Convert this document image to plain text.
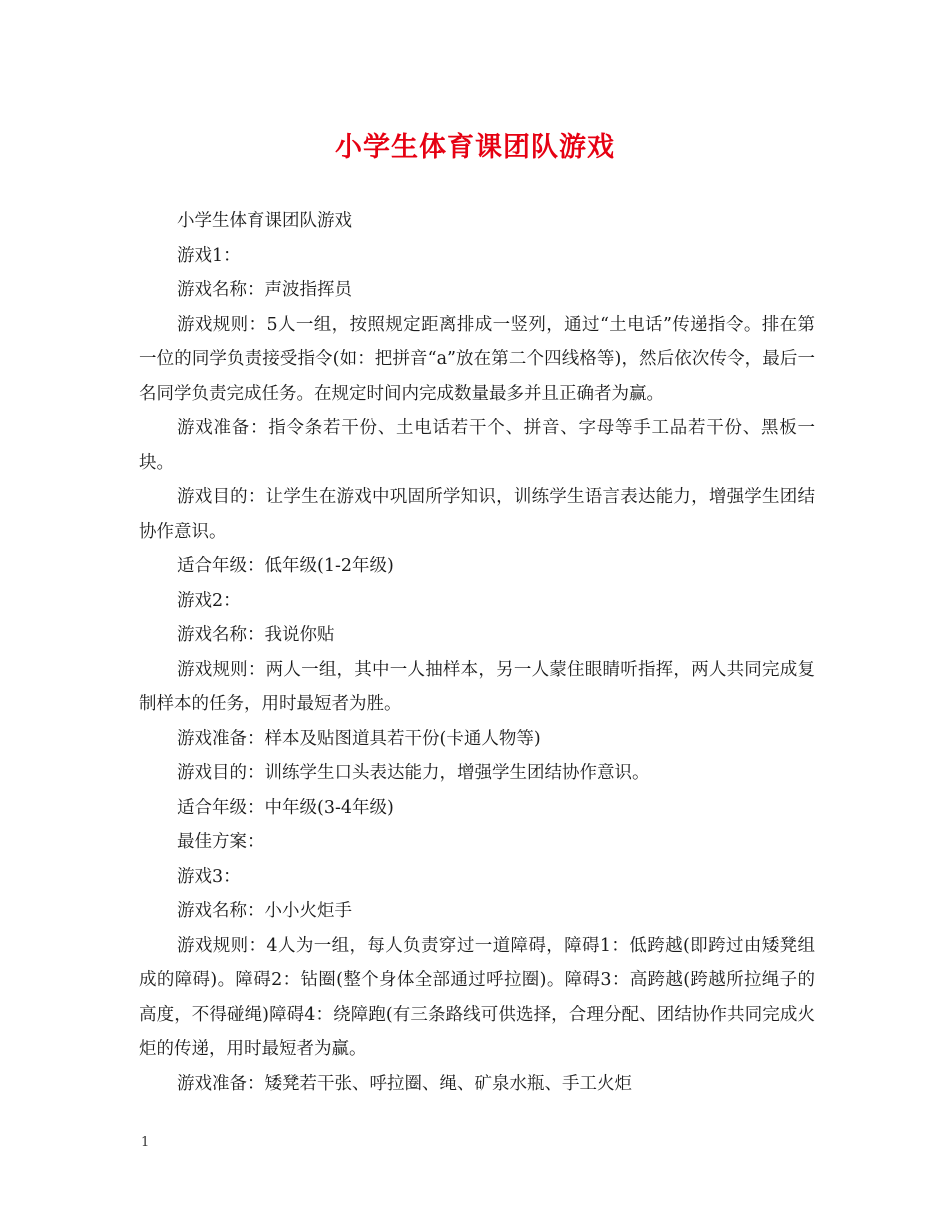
小学生体育课团队游戏

小学生体育课团队游戏

游戏1：

游戏名称：声波指挥员

游戏规则：5人一组，按照规定距离排成一竖列，通过“土电话”传递指令。排在第一位的同学负责接受指令(如：把拼音“a”放在第二个四线格等)，然后依次传令，最后一名同学负责完成任务。在规定时间内完成数量最多并且正确者为赢。

游戏准备：指令条若干份、土电话若干个、拼音、字母等手工品若干份、黑板一块。

游戏目的：让学生在游戏中巩固所学知识，训练学生语言表达能力，增强学生团结协作意识。

适合年级：低年级(1-2年级)

游戏2：

游戏名称：我说你贴

游戏规则：两人一组，其中一人抽样本，另一人蒙住眼睛听指挥，两人共同完成复制样本的任务，用时最短者为胜。

游戏准备：样本及贴图道具若干份(卡通人物等)

游戏目的：训练学生口头表达能力，增强学生团结协作意识。

适合年级：中年级(3-4年级)

最佳方案：

游戏3：

游戏名称：小小火炬手

游戏规则：4人为一组，每人负责穿过一道障碍，障碍1：低跨越(即跨过由矮凳组成的障碍)。障碍2：钻圈(整个身体全部通过呼拉圈)。障碍3：高跨越(跨越所拉绳子的高度，不得碰绳)障碍4：绕障跑(有三条路线可供选择，合理分配、团结协作共同完成火炬的传递，用时最短者为赢。

游戏准备：矮凳若干张、呼拉圈、绳、矿泉水瓶、手工火炬

1
